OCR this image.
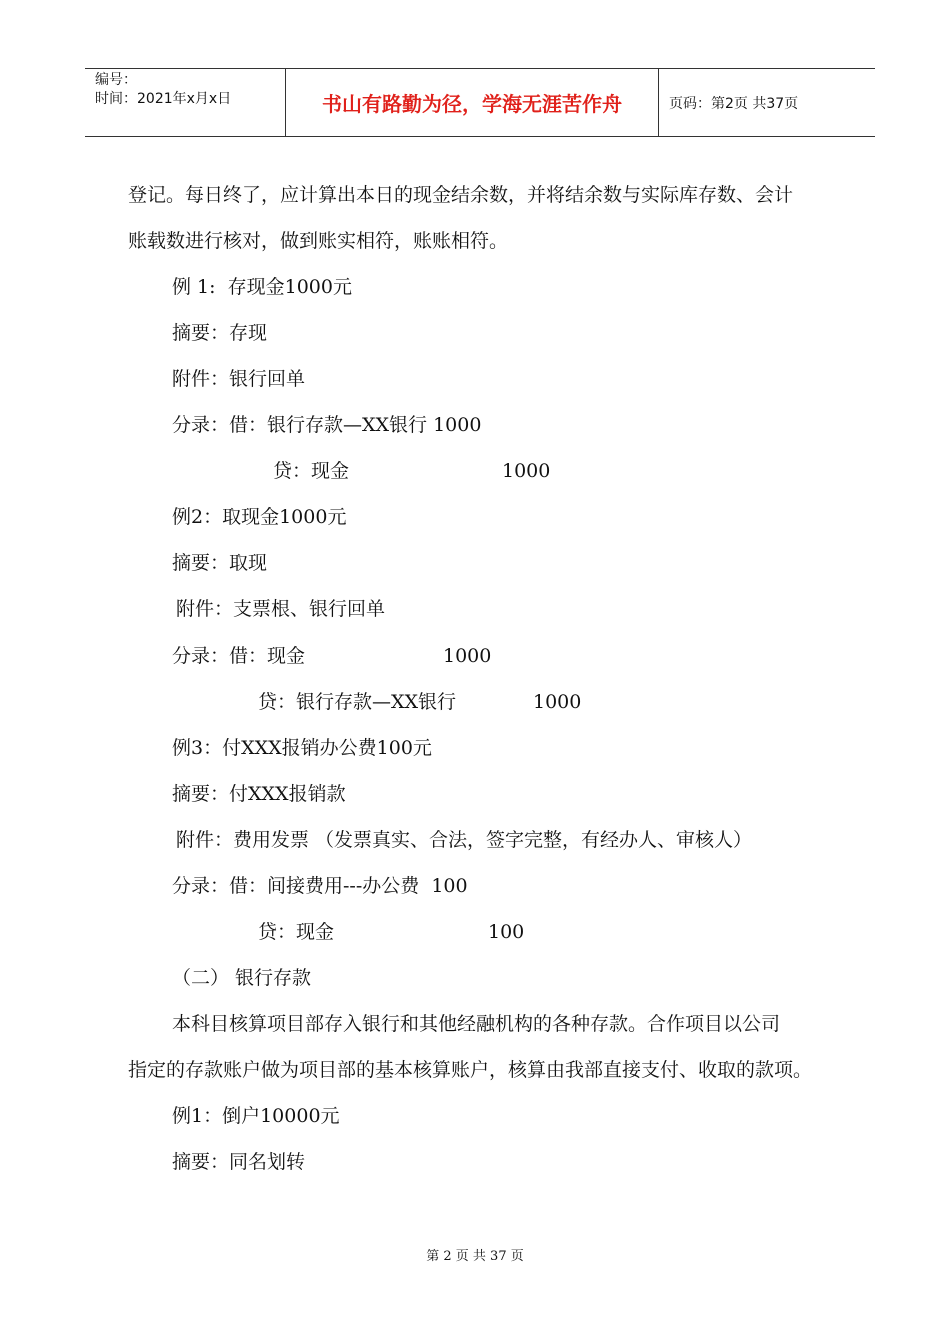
编号：
时间：2021年x月x日	书山有路勤为径，学海无涯苦作舟	页码：第2页 共37页
登记。每日终了，应计算出本日的现金结余数，并将结余数与实际库存数、会计
账载数进行核对，做到账实相符，账账相符。
例 1:  存现金1000元
摘要：存现
附件：银行回单
分录：借：银行存款—XX银行 1000
贷：现金	1000
例2：取现金1000元
摘要：取现
附件：支票根、银行回单
分录：借：现金	1000
贷：银行存款—XX银行	1000
例3：付XXX报销办公费100元
摘要：付XXX报销款
附件：费用发票 （发票真实、合法，签字完整，有经办人、审核人）
分录：借：间接费用---办公费  100
贷：现金	100
（二） 银行存款
本科目核算项目部存入银行和其他经融机构的各种存款。合作项目以公司
指定的存款账户做为项目部的基本核算账户，核算由我部直接支付、收取的款项。
例1：倒户10000元
摘要：同名划转
第 2 页 共 37 页
